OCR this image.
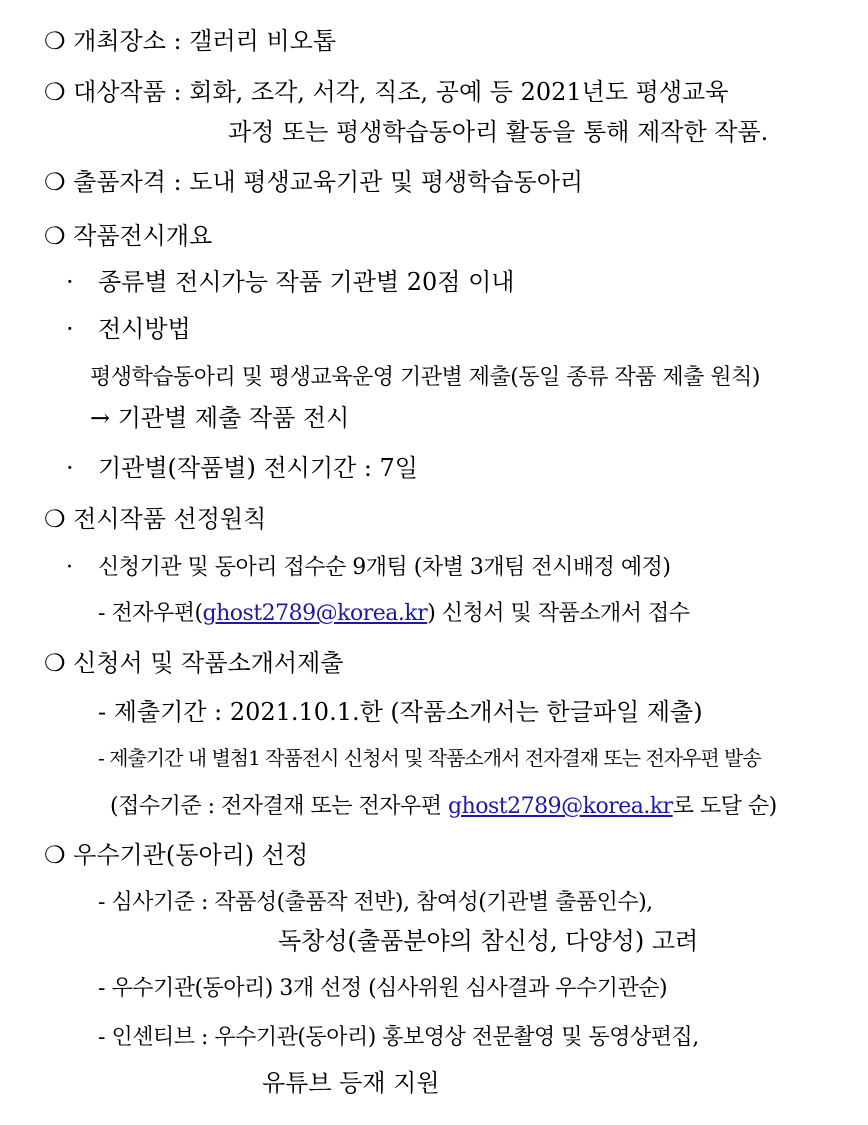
❍ 개최장소 : 갤러리 비오톱
❍ 대상작품 : 회화, 조각, 서각, 직조, 공예 등 2021년도 평생교육
과정 또는 평생학습동아리 활동을 통해 제작한 작품.
❍ 출품자격 : 도내 평생교육기관 및 평생학습동아리
❍ 작품전시개요
· 종류별 전시가능 작품 기관별 20점 이내
· 전시방법
평생학습동아리 및 평생교육운영 기관별 제출(동일 종류 작품 제출 원칙)
→ 기관별 제출 작품 전시
· 기관별(작품별) 전시기간 : 7일
❍ 전시작품 선정원칙
· 신청기관 및 동아리 접수순 9개팀 (차별 3개팀 전시배정 예정)
- 전자우편(ghost2789@korea.kr) 신청서 및 작품소개서 접수
❍ 신청서 및 작품소개서제출
- 제출기간 : 2021.10.1.한 (작품소개서는 한글파일 제출)
- 제출기간 내 별첨1 작품전시 신청서 및 작품소개서 전자결재 또는 전자우편 발송
(접수기준 : 전자결재 또는 전자우편 ghost2789@korea.kr로 도달 순)
❍ 우수기관(동아리) 선정
- 심사기준 : 작품성(출품작 전반), 참여성(기관별 출품인수),
독창성(출품분야의 참신성, 다양성) 고려
- 우수기관(동아리) 3개 선정 (심사위원 심사결과 우수기관순)
- 인센티브 : 우수기관(동아리) 홍보영상 전문촬영 및 동영상편집,
유튜브 등재 지원
